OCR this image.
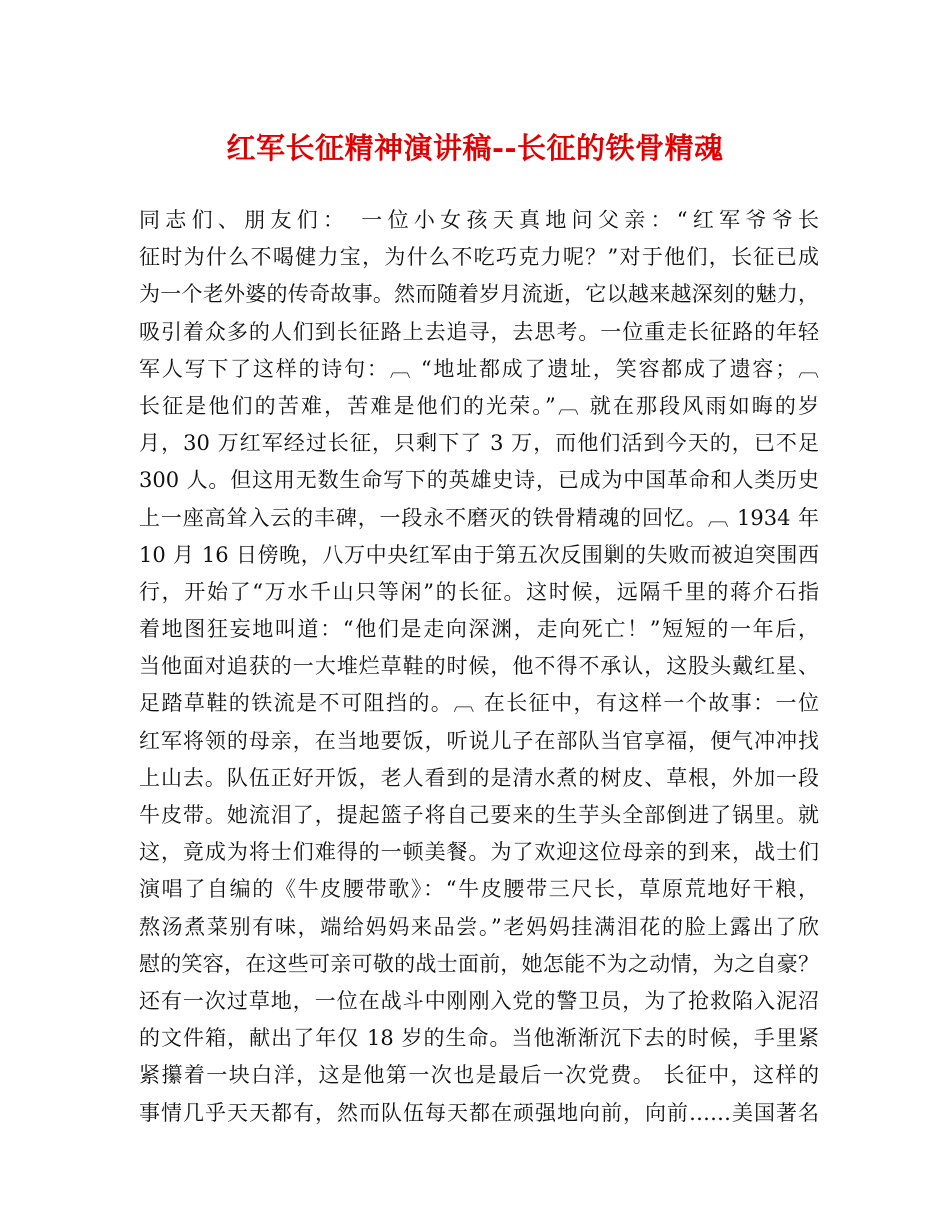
红军长征精神演讲稿--长征的铁骨精魂
同志们、朋友们： 一位小女孩天真地问父亲：“红军爷爷长
征时为什么不喝健力宝，为什么不吃巧克力呢？”对于他们，长征已成
为一个老外婆的传奇故事。然而随着岁月流逝，它以越来越深刻的魅力，
吸引着众多的人们到长征路上去追寻，去思考。一位重走长征路的年轻
军人写下了这样的诗句：︹ “地址都成了遗址，笑容都成了遗容；︹
长征是他们的苦难，苦难是他们的光荣。”︹ 就在那段风雨如晦的岁
月，30 万红军经过长征，只剩下了 3 万，而他们活到今天的，已不足
300 人。但这用无数生命写下的英雄史诗，已成为中国革命和人类历史
上一座高耸入云的丰碑，一段永不磨灭的铁骨精魂的回忆。︹ 1934 年
10 月 16 日傍晚，八万中央红军由于第五次反围剿的失败而被迫突围西
行，开始了“万水千山只等闲”的长征。这时候，远隔千里的蒋介石指
着地图狂妄地叫道：“他们是走向深渊，走向死亡！”短短的一年后，
当他面对追获的一大堆烂草鞋的时候，他不得不承认，这股头戴红星、
足踏草鞋的铁流是不可阻挡的。︹ 在长征中，有这样一个故事：一位
红军将领的母亲，在当地要饭，听说儿子在部队当官享福，便气冲冲找
上山去。队伍正好开饭，老人看到的是清水煮的树皮、草根，外加一段
牛皮带。她流泪了，提起篮子将自己要来的生芋头全部倒进了锅里。就
这，竟成为将士们难得的一顿美餐。为了欢迎这位母亲的到来，战士们
演唱了自编的《牛皮腰带歌》：“牛皮腰带三尺长，草原荒地好干粮，
熬汤煮菜别有味，端给妈妈来品尝。”老妈妈挂满泪花的脸上露出了欣
慰的笑容，在这些可亲可敬的战士面前，她怎能不为之动情，为之自豪？
还有一次过草地，一位在战斗中刚刚入党的警卫员，为了抢救陷入泥沼
的文件箱，献出了年仅 18 岁的生命。当他渐渐沉下去的时候，手里紧
紧攥着一块白洋，这是他第一次也是最后一次党费。 长征中，这样的
事情几乎天天都有，然而队伍每天都在顽强地向前，向前……美国著名
